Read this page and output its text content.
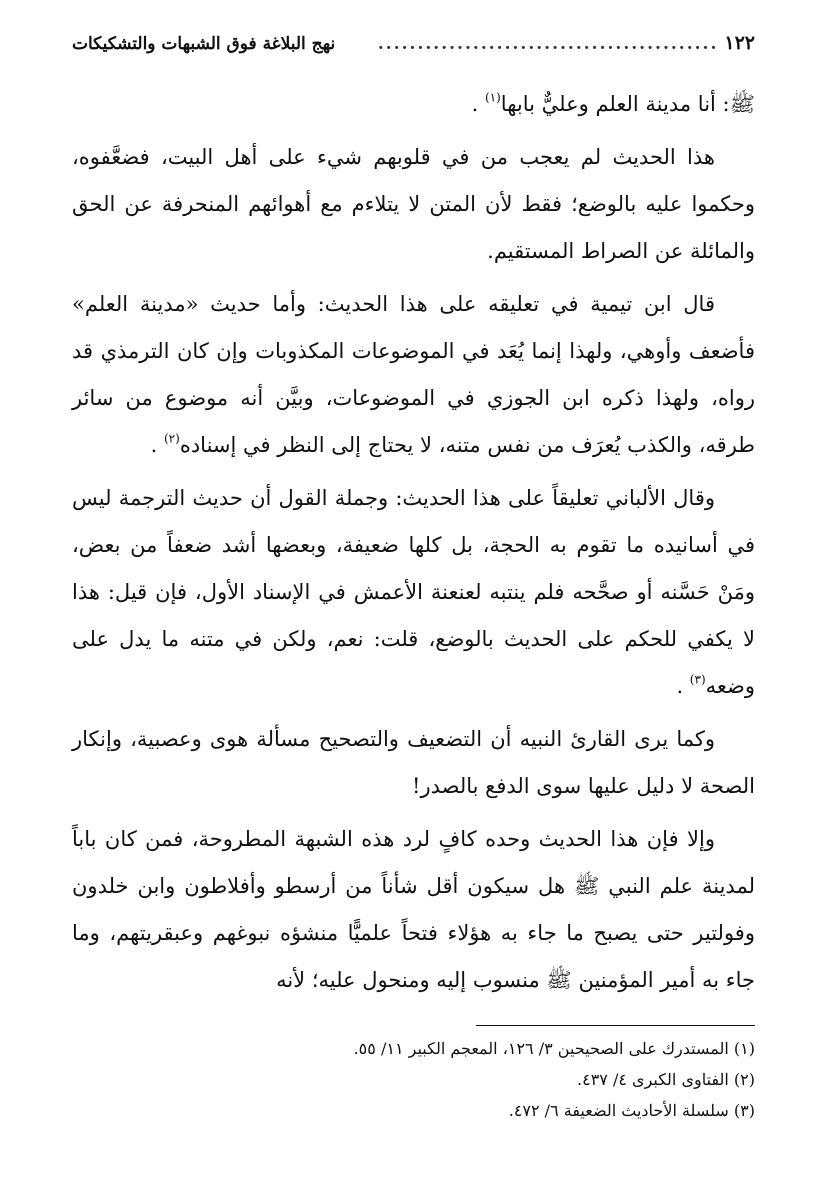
١٢٢
...........................................
نهج البلاغة فوق الشبهات والتشكيكات

ﷺ: أنا مدينة العلم وعليٌّ بابها$^{(١)}$ .

هذا الحديث لم يعجب من في قلوبهم شيء على أهل البيت، فضعَّفوه، وحكموا عليه بالوضع؛ فقط لأن المتن لا يتلاءم مع أهوائهم المنحرفة عن الحق والمائلة عن الصراط المستقيم.

قال ابن تيمية في تعليقه على هذا الحديث: وأما حديث «مدينة العلم» فأضعف وأوهي، ولهذا إنما يُعَد في الموضوعات المكذوبات وإن كان الترمذي قد رواه، ولهذا ذكره ابن الجوزي في الموضوعات، وبيَّن أنه موضوع من سائر طرقه، والكذب يُعرَف من نفس متنه، لا يحتاج إلى النظر في إسناده$^{(٢)}$ .

وقال الألباني تعليقاً على هذا الحديث: وجملة القول أن حديث الترجمة ليس في أسانيده ما تقوم به الحجة، بل كلها ضعيفة، وبعضها أشد ضعفاً من بعض، ومَنْ حَسَّنه أو صحَّحه فلم ينتبه لعنعنة الأعمش في الإسناد الأول، فإن قيل: هذا لا يكفي للحكم على الحديث بالوضع، قلت: نعم، ولكن في متنه ما يدل على وضعه$^{(٣)}$ .

وكما يرى القارئ النبيه أن التضعيف والتصحيح مسألة هوى وعصبية، وإنكار الصحة لا دليل عليها سوى الدفع بالصدر!

وإلا فإن هذا الحديث وحده كافٍ لرد هذه الشبهة المطروحة، فمن كان باباً لمدينة علم النبي ﷺ هل سيكون أقل شأناً من أرسطو وأفلاطون وابن خلدون وفولتير حتى يصبح ما جاء به هؤلاء فتحاً علميًّا منشؤه نبوغهم وعبقريتهم، وما جاء به أمير المؤمنين ﷺ منسوب إليه ومنحول عليه؛ لأنه

(١) المستدرك على الصحيحين ٣/ ١٢٦، المعجم الكبير ١١/ ٥٥.
(٢) الفتاوى الكبرى ٤/ ٤٣٧.
(٣) سلسلة الأحاديث الضعيفة ٦/ ٤٧٢.
